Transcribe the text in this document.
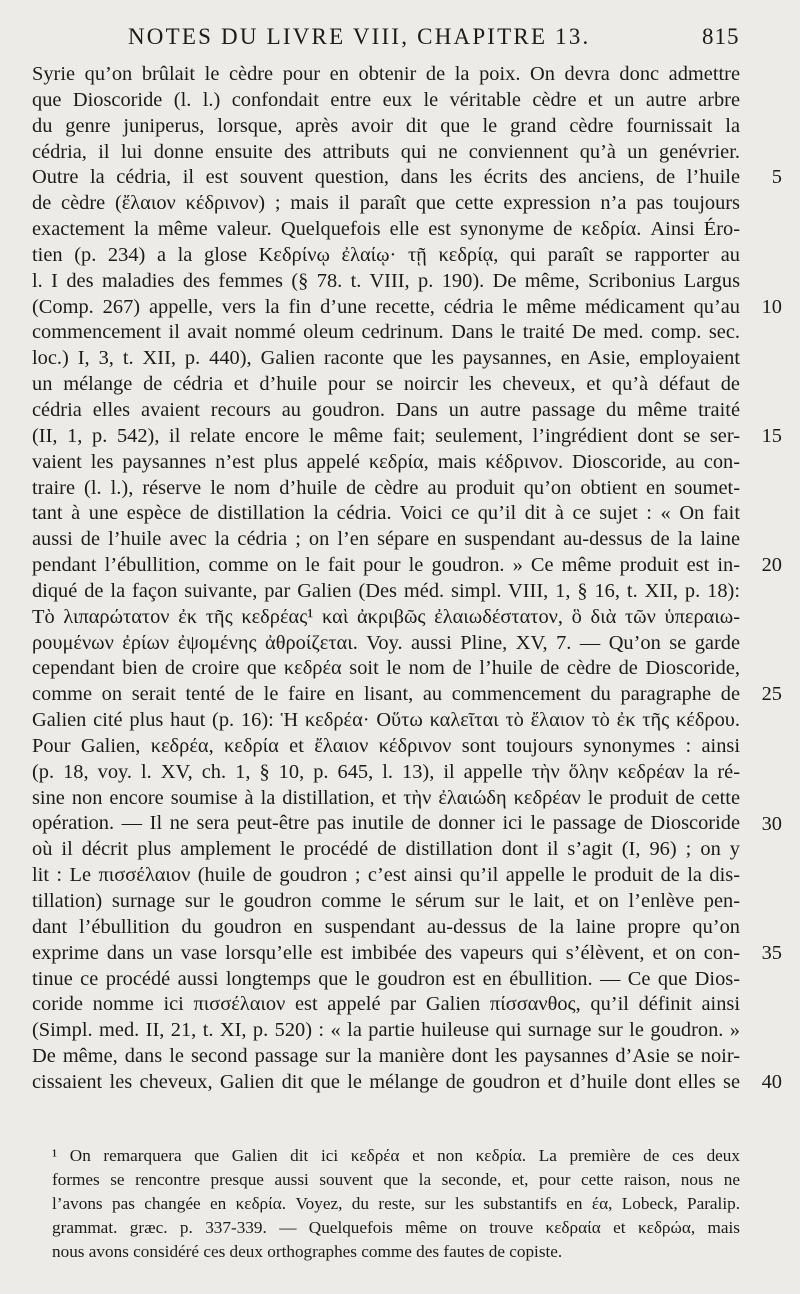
NOTES DU LIVRE VIII, CHAPITRE 13.	815
Syrie qu’on brûlait le cèdre pour en obtenir de la poix. On devra donc admettre
que Dioscoride (l. l.) confondait entre eux le véritable cèdre et un autre arbre
du genre juniperus, lorsque, après avoir dit que le grand cèdre fournissait la
cédria, il lui donne ensuite des attributs qui ne conviennent qu’à un genévrier.
Outre la cédria, il est souvent question, dans les écrits des anciens, de l’huile
de cèdre (ἔλαιον κέδρινον) ; mais il paraît que cette expression n’a pas toujours
exactement la même valeur. Quelquefois elle est synonyme de κεδρία. Ainsi Éro-
tien (p. 234) a la glose Κεδρίνῳ ἐλαίῳ· τῇ κεδρίᾳ, qui paraît se rapporter au
l. I des maladies des femmes (§ 78. t. VIII, p. 190). De même, Scribonius Largus
(Comp. 267) appelle, vers la fin d’une recette, cédria le même médicament qu’au
commencement il avait nommé oleum cedrinum. Dans le traité De med. comp. sec.
loc.) I, 3, t. XII, p. 440), Galien raconte que les paysannes, en Asie, employaient
un mélange de cédria et d’huile pour se noircir les cheveux, et qu’à défaut de
cédria elles avaient recours au goudron. Dans un autre passage du même traité
(II, 1, p. 542), il relate encore le même fait; seulement, l’ingrédient dont se ser-
vaient les paysannes n’est plus appelé κεδρία, mais κέδρινον. Dioscoride, au con-
traire (l. l.), réserve le nom d’huile de cèdre au produit qu’on obtient en soumet-
tant à une espèce de distillation la cédria. Voici ce qu’il dit à ce sujet : « On fait
aussi de l’huile avec la cédria ; on l’en sépare en suspendant au-dessus de la laine
pendant l’ébullition, comme on le fait pour le goudron. » Ce même produit est in-
diqué de la façon suivante, par Galien (Des méd. simpl. VIII, 1, § 16, t. XII, p. 18):
Τὸ λιπαρώτατον ἐκ τῆς κεδρέας¹ καὶ ἀκριβῶς ἐλαιωδέστατον, ὃ διὰ τῶν ὑπεραιω-
ρουμένων ἐρίων ἐψομένης ἀθροίζεται. Voy. aussi Pline, XV, 7. — Qu’on se garde
cependant bien de croire que κεδρέα soit le nom de l’huile de cèdre de Dioscoride,
comme on serait tenté de le faire en lisant, au commencement du paragraphe de
Galien cité plus haut (p. 16): Ἡ κεδρέα· Οὕτω καλεῖται τὸ ἔλαιον τὸ ἐκ τῆς κέδρου.
Pour Galien, κεδρέα, κεδρία et ἔλαιον κέδρινον sont toujours synonymes : ainsi
(p. 18, voy. l. XV, ch. 1, § 10, p. 645, l. 13), il appelle τὴν ὅλην κεδρέαν la ré-
sine non encore soumise à la distillation, et τὴν ἐλαιώδη κεδρέαν le produit de cette
opération. — Il ne sera peut-être pas inutile de donner ici le passage de Dioscoride
où il décrit plus amplement le procédé de distillation dont il s’agit (I, 96) ; on y
lit : Le πισσέλαιον (huile de goudron ; c’est ainsi qu’il appelle le produit de la dis-
tillation) surnage sur le goudron comme le sérum sur le lait, et on l’enlève pen-
dant l’ébullition du goudron en suspendant au-dessus de la laine propre qu’on
exprime dans un vase lorsqu’elle est imbibée des vapeurs qui s’élèvent, et on con-
tinue ce procédé aussi longtemps que le goudron est en ébullition. — Ce que Dios-
coride nomme ici πισσέλαιον est appelé par Galien πίσσανθος, qu’il définit ainsi
(Simpl. med. II, 21, t. XI, p. 520) : « la partie huileuse qui surnage sur le goudron. »
De même, dans le second passage sur la manière dont les paysannes d’Asie se noir-
cissaient les cheveux, Galien dit que le mélange de goudron et d’huile dont elles se
5
10
15
20
25
30
35
40
¹ On remarquera que Galien dit ici κεδρέα et non κεδρία. La première de ces deux
formes se rencontre presque aussi souvent que la seconde, et, pour cette raison, nous ne
l’avons pas changée en κεδρία. Voyez, du reste, sur les substantifs en έα, Lobeck, Paralip.
grammat. græc. p. 337-339. — Quelquefois même on trouve κεδραία et κεδρώα, mais
nous avons considéré ces deux orthographes comme des fautes de copiste.
